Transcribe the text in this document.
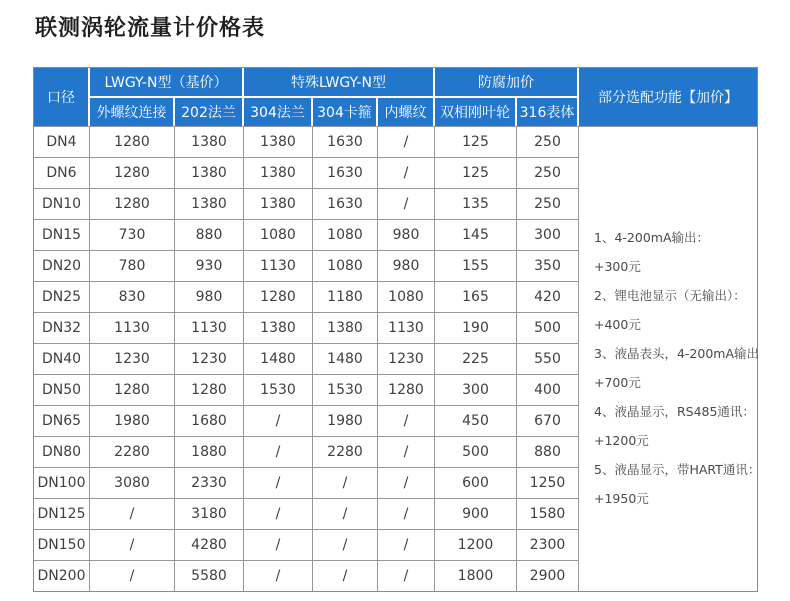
联测涡轮流量计价格表
口径	LWGY-N型（基价）		特殊LWGY-N型			防腐加价		部分选配功能【加价】
	外螺纹连接	202法兰	304法兰	304卡箍	内螺纹	双相刚叶轮	316表体	
DN4	1280	1380	1380	1630	/	125	250	
1、4-200mA输出：
+300元
2、锂电池显示（无输出）：
+400元
3、液晶表头，4-200mA输出
+700元
4、液晶显示，RS485通讯：
+1200元
5、液晶显示，带HART通讯：
+1950元

DN6	1280	1380	1380	1630	/	125	250	
DN10	1280	1380	1380	1630	/	135	250	
DN15	730	880	1080	1080	980	145	300	
DN20	780	930	1130	1080	980	155	350	
DN25	830	980	1280	1180	1080	165	420	
DN32	1130	1130	1380	1380	1130	190	500	
DN40	1230	1230	1480	1480	1230	225	550	
DN50	1280	1280	1530	1530	1280	300	400	
DN65	1980	1680	/	1980	/	450	670	
DN80	2280	1880	/	2280	/	500	880	
DN100	3080	2330	/	/	/	600	1250	
DN125	/	3180	/	/	/	900	1580	
DN150	/	4280	/	/	/	1200	2300	
DN200	/	5580	/	/	/	1800	2900	
